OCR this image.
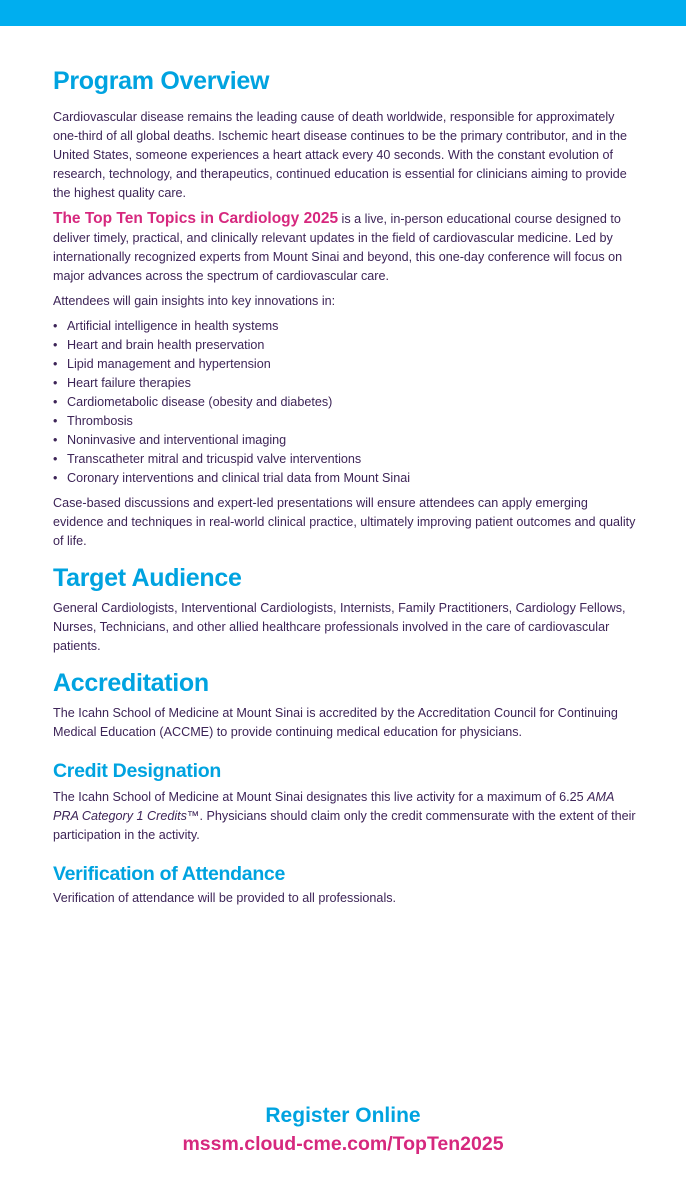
Program Overview

Cardiovascular disease remains the leading cause of death worldwide, responsible for approximately one-third of all global deaths. Ischemic heart disease continues to be the primary contributor, and in the United States, someone experiences a heart attack every 40 seconds. With the constant evolution of research, technology, and therapeutics, continued education is essential for clinicians aiming to provide the highest quality care.

The Top Ten Topics in Cardiology 2025 is a live, in-person educational course designed to deliver timely, practical, and clinically relevant updates in the field of cardiovascular medicine. Led by internationally recognized experts from Mount Sinai and beyond, this one-day conference will focus on major advances across the spectrum of cardiovascular care.

Attendees will gain insights into key innovations in:

• Artificial intelligence in health systems
• Heart and brain health preservation
• Lipid management and hypertension
• Heart failure therapies
• Cardiometabolic disease (obesity and diabetes)
• Thrombosis
• Noninvasive and interventional imaging
• Transcatheter mitral and tricuspid valve interventions
• Coronary interventions and clinical trial data from Mount Sinai

Case-based discussions and expert-led presentations will ensure attendees can apply emerging evidence and techniques in real-world clinical practice, ultimately improving patient outcomes and quality of life.

Target Audience

General Cardiologists, Interventional Cardiologists, Internists, Family Practitioners, Cardiology Fellows, Nurses, Technicians, and other allied healthcare professionals involved in the care of cardiovascular patients.

Accreditation

The Icahn School of Medicine at Mount Sinai is accredited by the Accreditation Council for Continuing Medical Education (ACCME) to provide continuing medical education for physicians.

Credit Designation

The Icahn School of Medicine at Mount Sinai designates this live activity for a maximum of 6.25 AMA PRA Category 1 Credits™. Physicians should claim only the credit commensurate with the extent of their participation in the activity.

Verification of Attendance

Verification of attendance will be provided to all professionals.

Register Online
mssm.cloud-cme.com/TopTen2025
